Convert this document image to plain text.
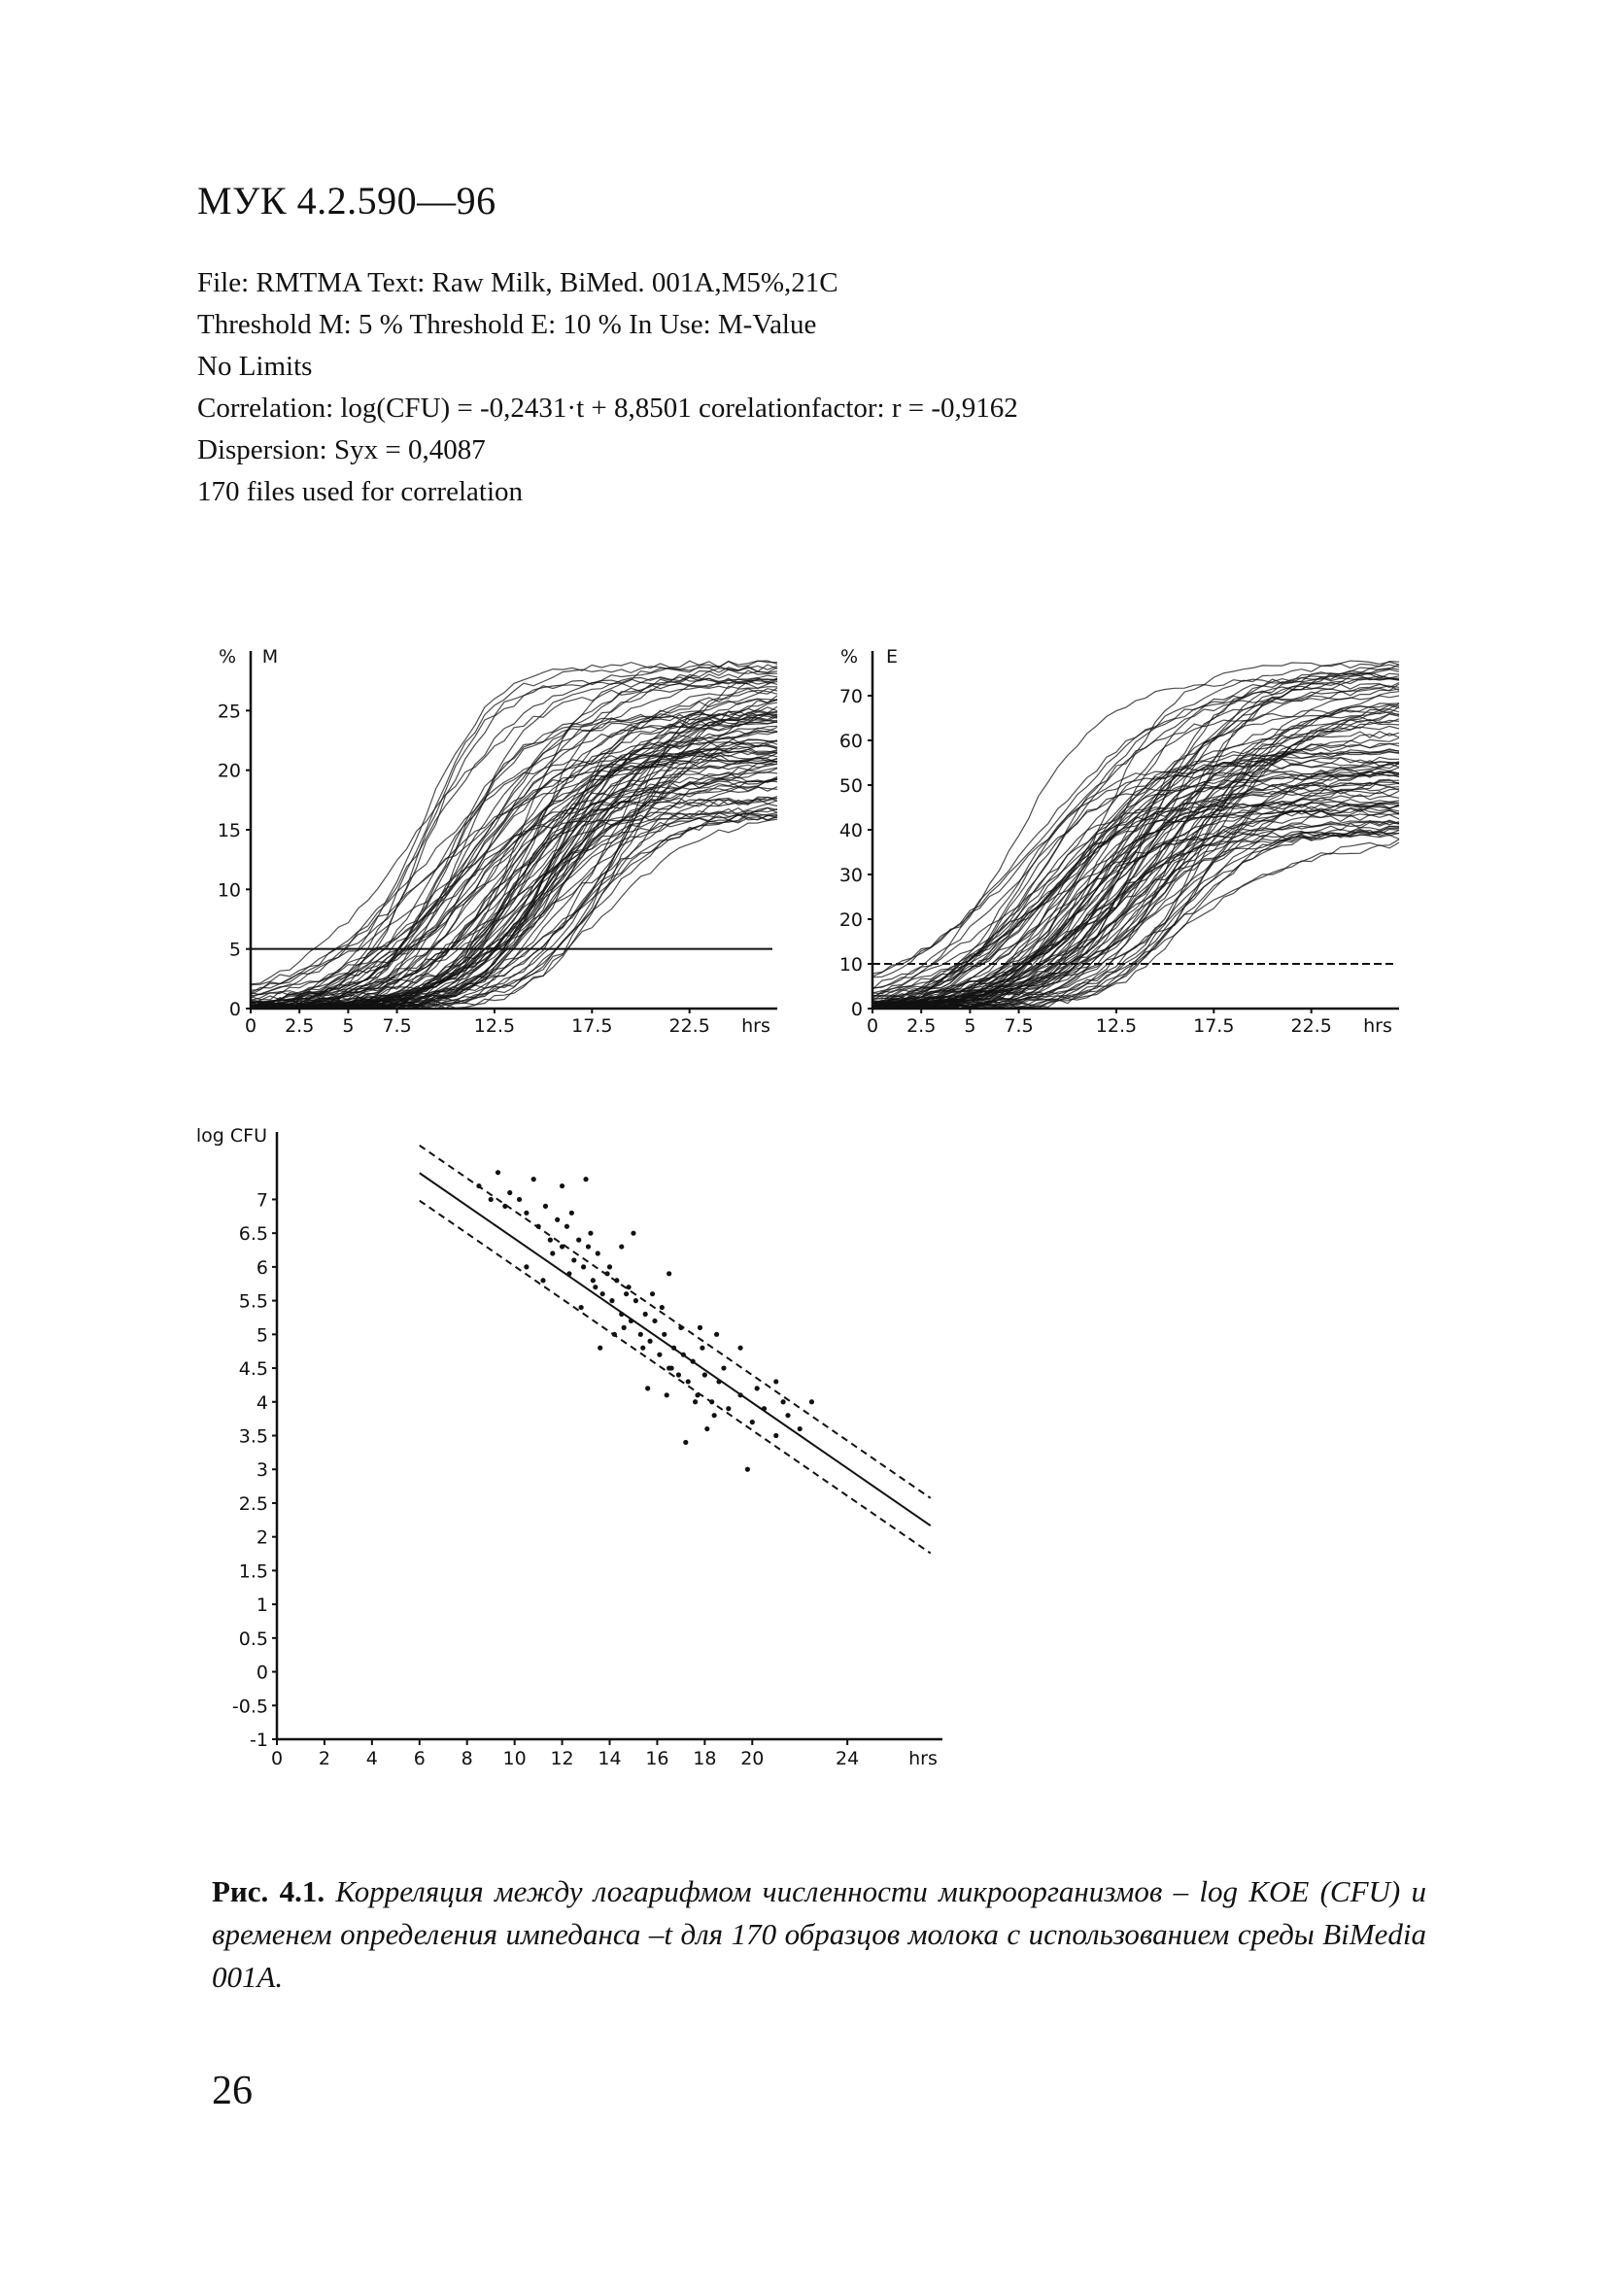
МУК 4.2.590—96
File: RMTMA Text: Raw Milk, BiMed. 001A,M5%,21C
Threshold M: 5 % Threshold E: 10 % In Use: M-Value
No Limits
Correlation: log(CFU) = -0,2431·t + 8,8501 corelationfactor: r = -0,9162
Dispersion: Syx = 0,4087
170 files used for correlation
% M
0
5
10
15
20
25
0 2.5 5 7.5	12.5	17.5	22.5 hrs
% E
0
10
20
30
40
50
60
70
0 2.5 5 7.5	12.5	17.5	22.5 hrs
log CFU
-1
-0.5
0
0.5
1
1.5
2
2.5
3
3.5
4
4.5
5
5.5
6
6.5
7
0 2 4 6 8 10 12 14 16 18 20	24	hrs
Рис. 4.1. Корреляция между логарифмом численности микроорганизмов – log KOE (CFU) и временем определения импеданса –t для 170 образцов молока с использованием среды BiMedia 001A.
26
